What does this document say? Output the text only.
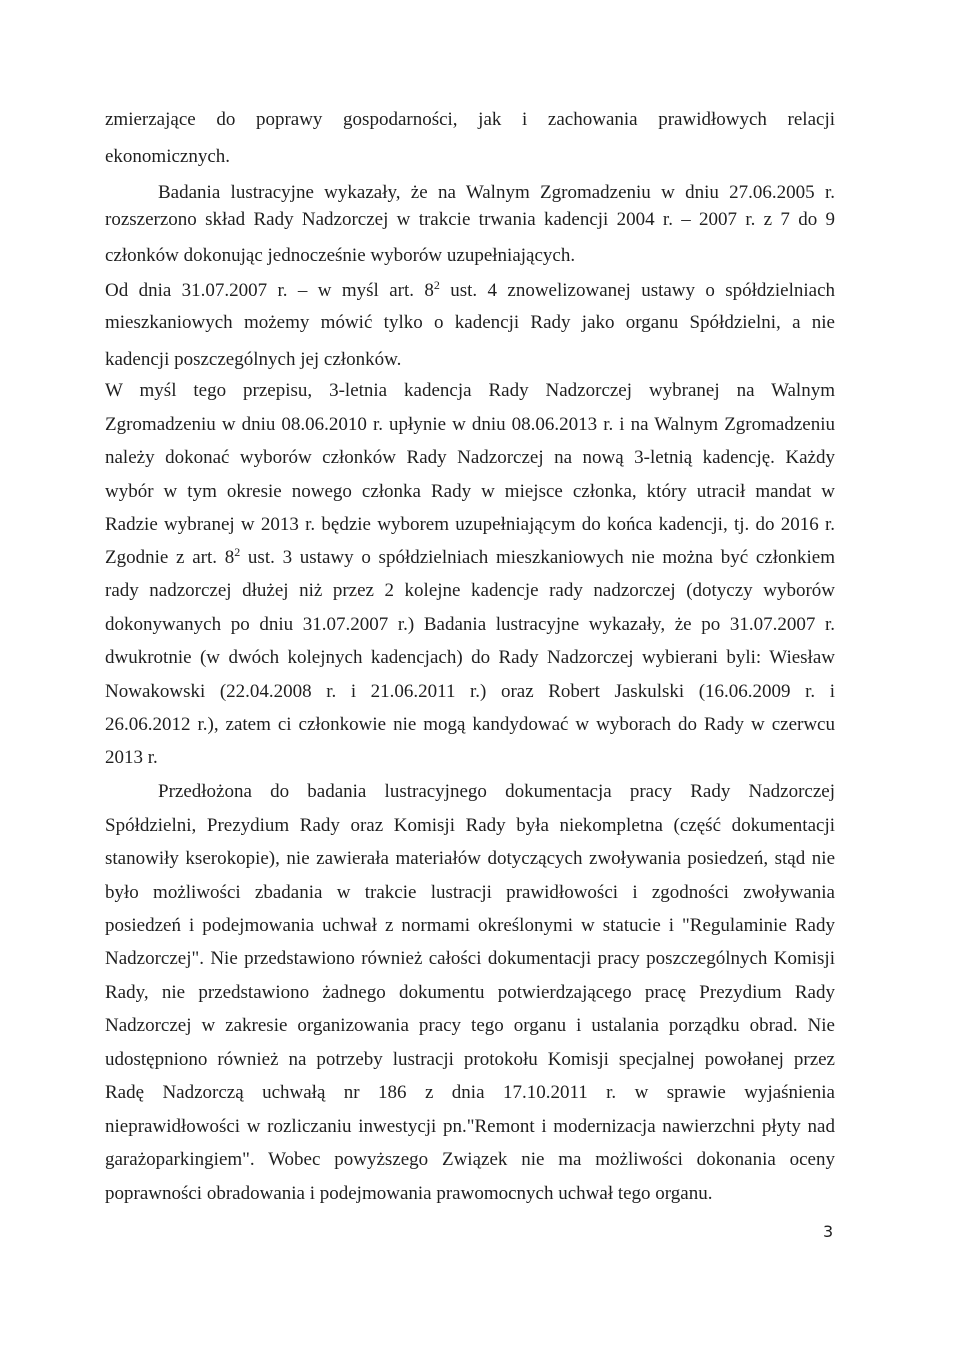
zmierzające do poprawy gospodarności, jak i zachowania prawidłowych relacji
ekonomicznych.
Badania lustracyjne wykazały, że na Walnym Zgromadzeniu w dniu 27.06.2005 r.
rozszerzono skład Rady Nadzorczej w trakcie trwania kadencji 2004 r. – 2007 r. z 7 do 9
członków dokonując jednocześnie wyborów uzupełniających.
Od dnia 31.07.2007 r. – w myśl art. $8^2$ ust. 4 znowelizowanej ustawy o spółdzielniach
mieszkaniowych możemy mówić tylko o kadencji Rady jako organu Spółdzielni, a nie
kadencji poszczególnych jej członków.
W myśl tego przepisu, 3-letnia kadencja Rady Nadzorczej wybranej na Walnym
Zgromadzeniu w dniu 08.06.2010 r. upłynie w dniu 08.06.2013 r. i na Walnym Zgromadzeniu
należy dokonać wyborów członków Rady Nadzorczej na nową 3-letnią kadencję. Każdy
wybór w tym okresie nowego członka Rady w miejsce członka, który utracił mandat w
Radzie wybranej w 2013 r. będzie wyborem uzupełniającym do końca kadencji, tj. do 2016 r.
Zgodnie z art. $8^2$ ust. 3 ustawy o spółdzielniach mieszkaniowych nie można być członkiem
rady nadzorczej dłużej niż przez 2 kolejne kadencje rady nadzorczej (dotyczy wyborów
dokonywanych po dniu 31.07.2007 r.) Badania lustracyjne wykazały, że po 31.07.2007 r.
dwukrotnie (w dwóch kolejnych kadencjach) do Rady Nadzorczej wybierani byli: Wiesław
Nowakowski (22.04.2008 r. i 21.06.2011 r.) oraz Robert Jaskulski (16.06.2009 r. i
26.06.2012 r.), zatem ci członkowie nie mogą kandydować w wyborach do Rady w czerwcu
2013 r.
Przedłożona do badania lustracyjnego dokumentacja pracy Rady Nadzorczej
Spółdzielni, Prezydium Rady oraz Komisji Rady była niekompletna (część dokumentacji
stanowiły kserokopie), nie zawierała materiałów dotyczących zwoływania posiedzeń, stąd nie
było możliwości zbadania w trakcie lustracji prawidłowości i zgodności zwoływania
posiedzeń i podejmowania uchwał z normami określonymi w statucie i "Regulaminie Rady
Nadzorczej". Nie przedstawiono również całości dokumentacji pracy poszczególnych Komisji
Rady, nie przedstawiono żadnego dokumentu potwierdzającego pracę Prezydium Rady
Nadzorczej w zakresie organizowania pracy tego organu i ustalania porządku obrad. Nie
udostępniono również na potrzeby lustracji protokołu Komisji specjalnej powołanej przez
Radę Nadzorczą uchwałą nr 186 z dnia 17.10.2011 r. w sprawie wyjaśnienia
nieprawidłowości w rozliczaniu inwestycji pn."Remont i modernizacja nawierzchni płyty nad
garażoparkingiem". Wobec powyższego Związek nie ma możliwości dokonania oceny
poprawności obradowania i podejmowania prawomocnych uchwał tego organu.
3
